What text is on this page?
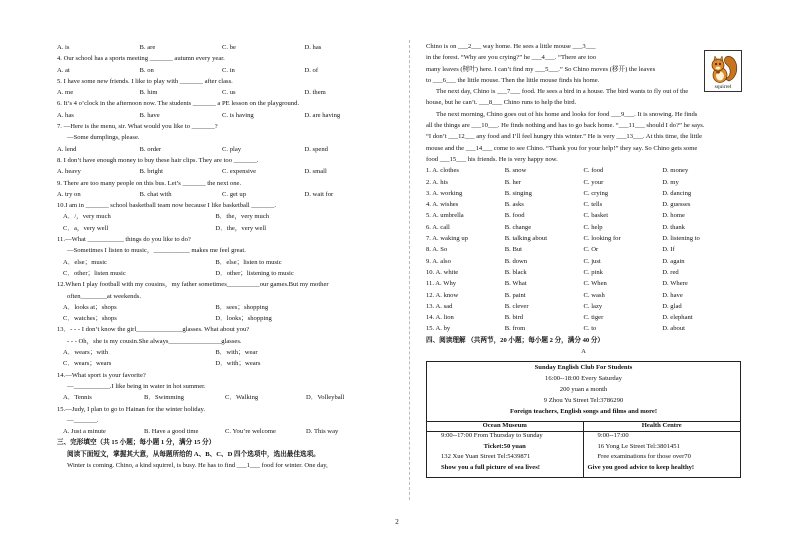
A. is	B. are	C. be	D. has
4. Our school has a sports meeting _______ autumn every year.
A. at	B. on	C. in	D. of
5. I have some new friends. I like to play with _______ after class.
A. me	B. him	C. us	D. them
6. It’s 4 o’clock in the afternoon now. The students _______ a PE lesson on the playground.
A. has	B. have	C. is having	D. are having
7. —Here is the menu, sir. What would you like to _______?
—Some dumplings, please.
A. lend	B. order	C. play	D. spend
8. I don’t have enough money to buy these hair clips. They are too _______.
A. heavy	B. bright	C. expensive	D. small
9. There are too many people on this bus. Let’s _______ the next one.
A. try on	B. chat with	C. get up	D. wait for
10.I am in _______ school basketball team now because I like basketball _______.
A．/，very much	B．the，very much
C．a，very well	D．the，very well
11.—What ___________ things do you like to do?
—Sometimes I listen to music，___________ makes me feel great.
A．else；music	B．else；listen to music
C．other；listen music	D．other；listening to music
12.When I play football with my cousins，my father sometimes__________our games.But my mother
often________at weekends.
A．looks at；shops	B．sees；shopping
C．watches；shops	D．looks；shopping
13．- - - I don’t know the girl______________glasses. What about you?
- - - Oh，she is my cousin.She always________________glasses.
A．wears；with	B．with；wear
C．wears；wears	D．with；wears
14.—What sport is your favorite?
—___________.I like being in water in hot summer.
A．Tennis	B．Swimming	C．Walking	D．Volleyball
15.—Judy, I plan to go to Hainan for the winter holiday.
—_______.
A. Just a minute	B. Have a good time	C. You’re welcome	D. This way
三、完形填空（共 15 小题；每小题 1 分，满分 15 分）
阅读下面短文，掌握其大意，从每题所给的 A、B、C、D 四个选项中，选出最佳选项。
Winter is coming. Chino, a kind squirrel, is busy. He has to find ___1___ food for winter. One day,
squirrel
Chino is on ___2___ way home. He sees a little mouse ___3___
in the forest. “Why are you crying?” he ___4___. “There are too
many leaves (树叶) here. I can’t find my ___5___.” So Chino moves (移开) the leaves
to ___6___ the little mouse. Then the little mouse finds his home.
The next day, Chino is ___7___ food. He sees a bird in a house. The bird wants to fly out of the
house, but he can’t. ___8___ Chino runs to help the bird.
The next morning, Chino goes out of his home and looks for food ___9___. It is snowing. He finds
all the things are ___10___. He finds nothing and has to go back home. “___11___ should I do?” he says.
“I don’t ___12___ any food and I’ll feel hungry this winter.” He is very ___13___. At this time, the little
mouse and the ___14___ come to see Chino. “Thank you for your help!” they say. So Chino gets some
food ___15___ his friends. He is very happy now.
1. A. clothes	B. snow	C. food	D. money
2. A. his	B. her	C. your	D. my
3. A. working	B. singing	C. crying	D. dancing
4. A. wishes	B. asks	C. tells	D. guesses
5. A. umbrella	B. food	C. basket	D. home
6. A. call	B. change	C. help	D. thank
7. A. waking up	B. talking about	C. looking for	D. listening to
8. A. So	B. But	C. Or	D. If
9. A. also	B. down	C. just	D. again
10. A. white	B. black	C. pink	D. red
11. A. Why	B. What	C. When	D. Where
12. A. know	B. paint	C. wash	D. have
13. A. sad	B. clever	C. lazy	D. glad
14. A. lion	B. bird	C. tiger	D. elephant
15. A. by	B. from	C. to	D. about
四、阅读理解 （共两节，20 小题；每小题 2 分，满分 40 分）
A
Sunday English Club For Students
16:00--18:00 Every Saturday
200 yuan a month
9 Zhou Yu Street Tel:3786290
Foreign teachers, English songs and films and more!
Ocean Museum
9:00--17:00 From Thursday to Sunday
Ticket:50 yuan
132 Xue Yuan Street Tel:5439871
Show you a full picture of sea lives!
Health Centre
9:00--17:00
16 Yong Le Street Tel:3801451
Free examinations for those over70
Give you good advice to keep healthy!
2
